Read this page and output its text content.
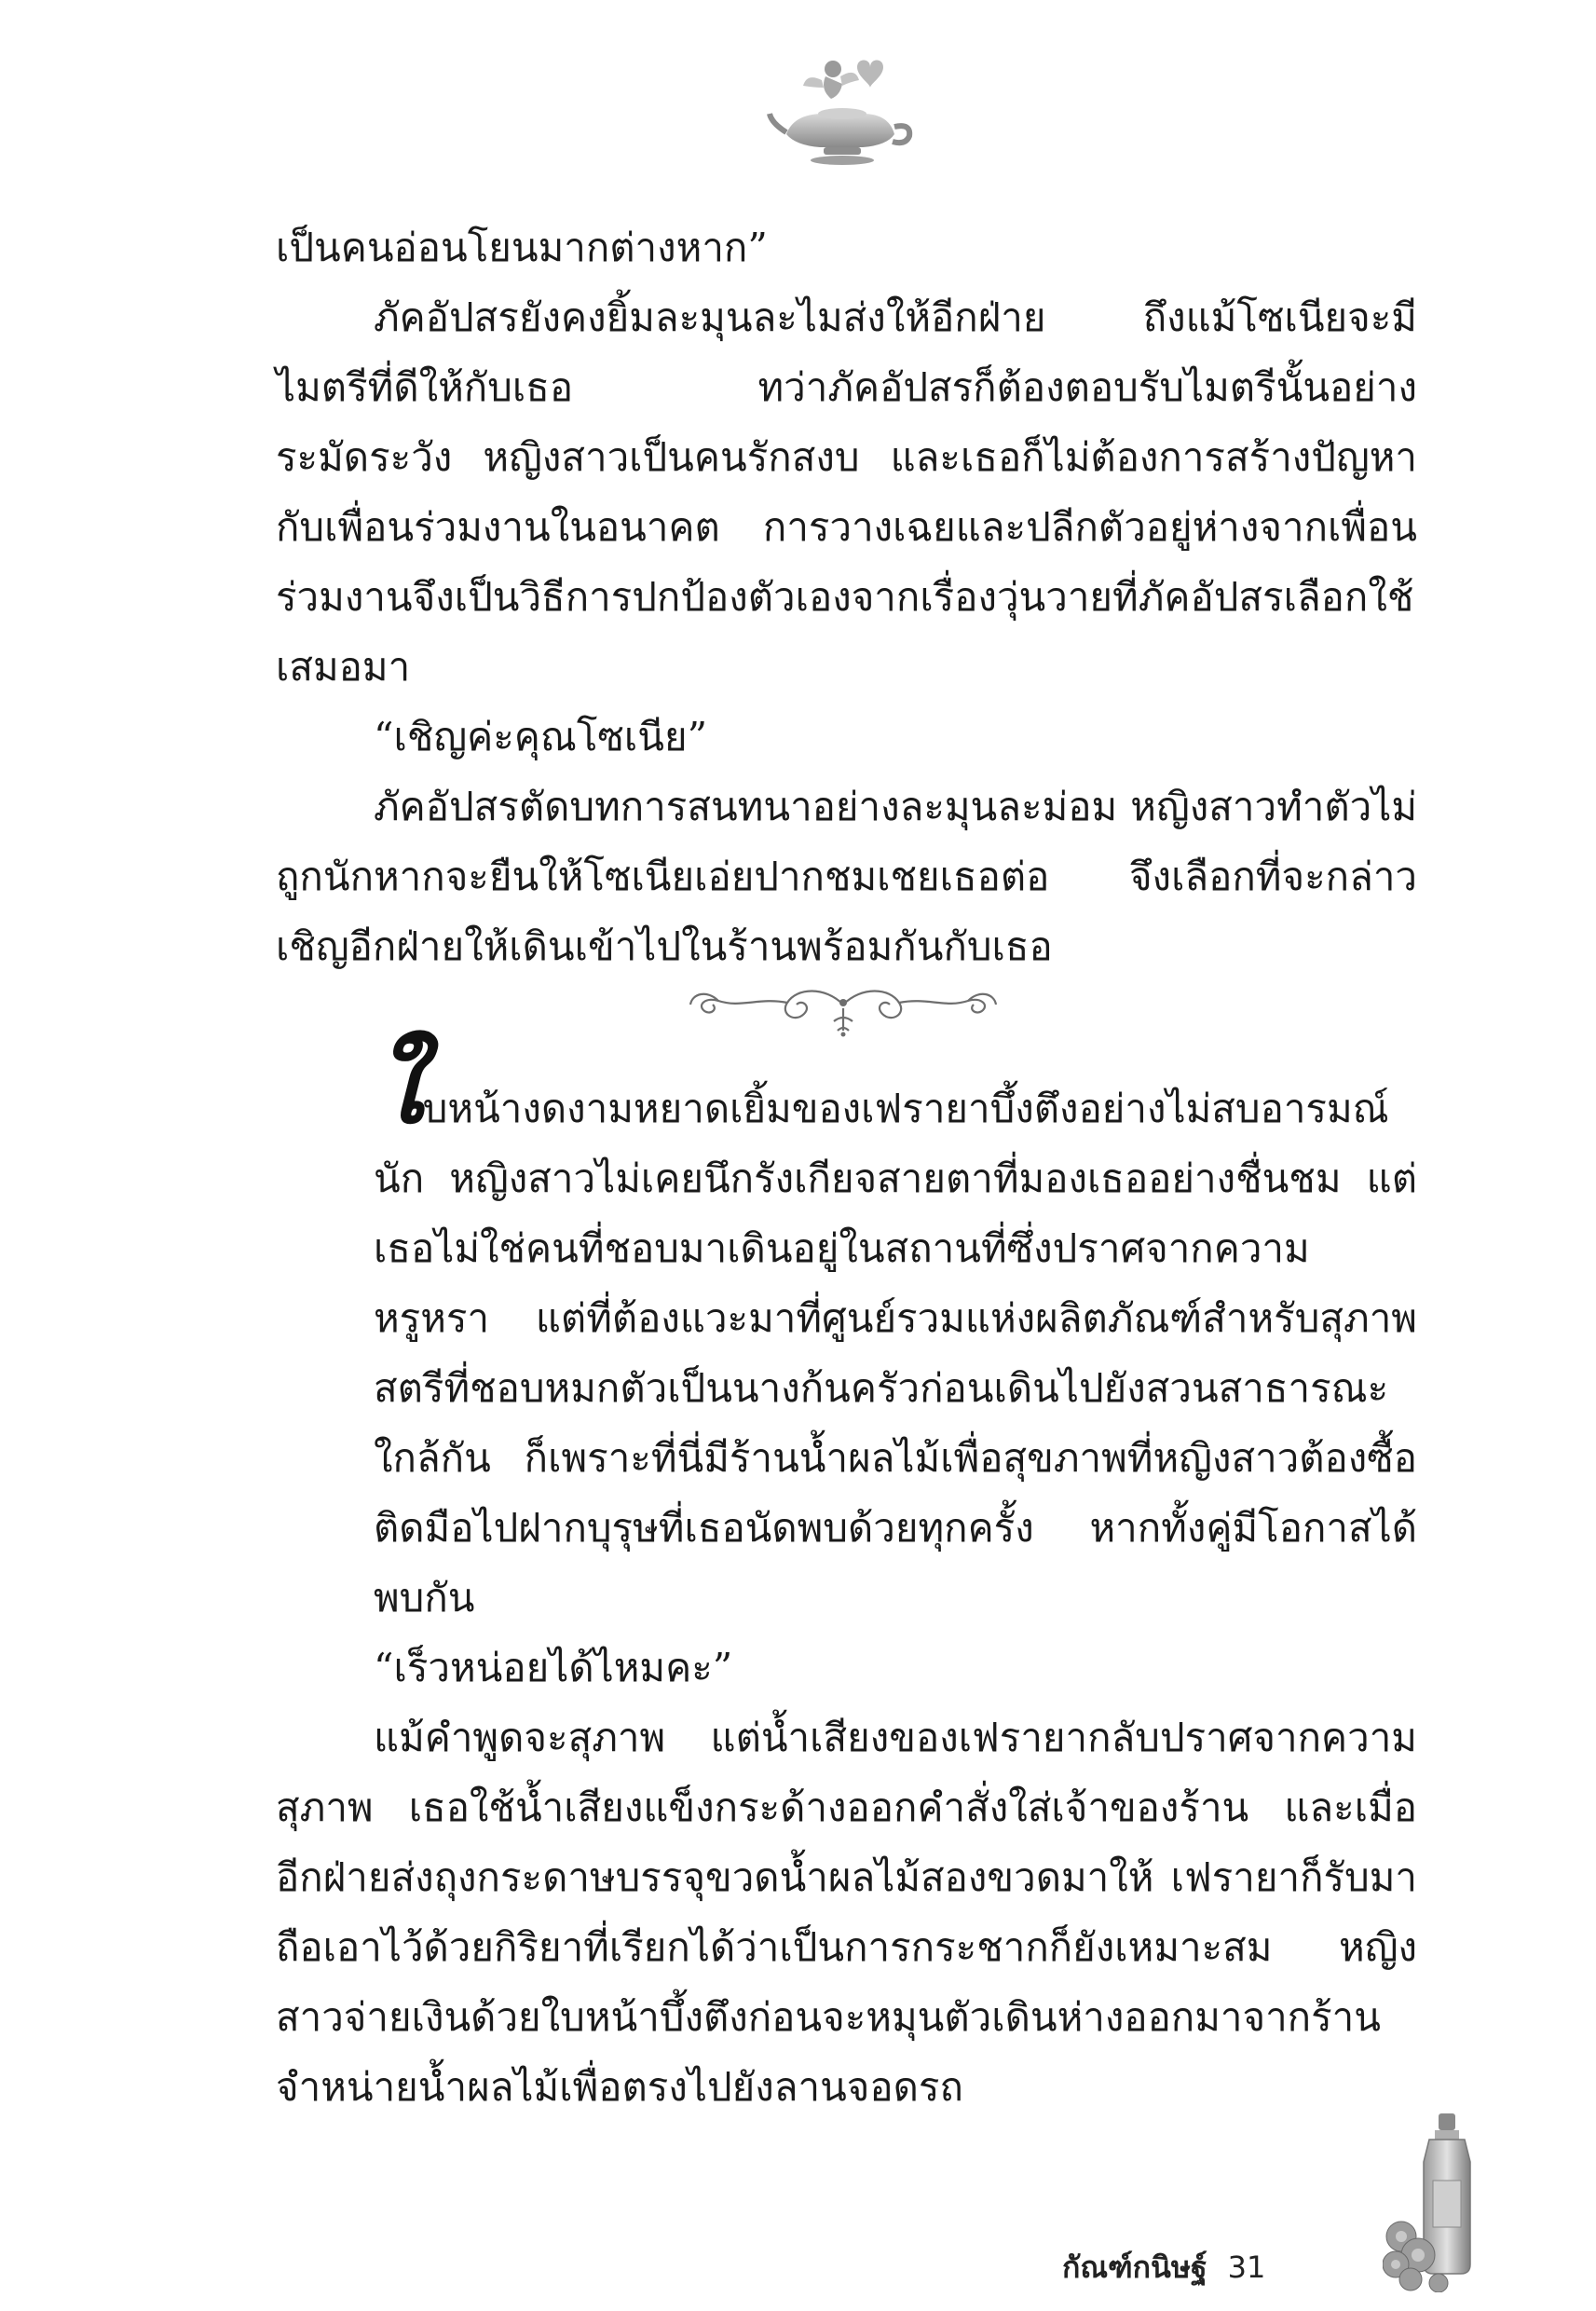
เป็นคนอ่อนโยนมากต่างหาก”

ภัคอัปสรยังคงยิ้มละมุนละไมส่งให้อีกฝ่าย ถึงแม้โซเนียจะมีไมตรีที่ดีให้กับเธอ ทว่าภัคอัปสรก็ต้องตอบรับไมตรีนั้นอย่างระมัดระวัง หญิงสาวเป็นคนรักสงบ และเธอก็ไม่ต้องการสร้างปัญหากับเพื่อนร่วมงานในอนาคต การวางเฉยและปลีกตัวอยู่ห่างจากเพื่อนร่วมงานจึงเป็นวิธีการปกป้องตัวเองจากเรื่องวุ่นวายที่ภัคอัปสรเลือกใช้เสมอมา

“เชิญค่ะคุณโซเนีย”

ภัคอัปสรตัดบทการสนทนาอย่างละมุนละม่อม หญิงสาวทำตัวไม่ถูกนักหากจะยืนให้โซเนียเอ่ยปากชมเชยเธอต่อ จึงเลือกที่จะกล่าวเชิญอีกฝ่ายให้เดินเข้าไปในร้านพร้อมกันกับเธอ

ใบหน้างดงามหยาดเยิ้มของเฟรายาบึ้งตึงอย่างไม่สบอารมณ์นัก หญิงสาวไม่เคยนึกรังเกียจสายตาที่มองเธออย่างชื่นชม แต่เธอไม่ใช่คนที่ชอบมาเดินอยู่ในสถานที่ซึ่งปราศจากความหรูหรา แต่ที่ต้องแวะมาที่ศูนย์รวมแห่งผลิตภัณฑ์สำหรับสุภาพสตรีที่ชอบหมกตัวเป็นนางก้นครัวก่อนเดินไปยังสวนสาธารณะใกล้กัน ก็เพราะที่นี่มีร้านน้ำผลไม้เพื่อสุขภาพที่หญิงสาวต้องซื้อติดมือไปฝากบุรุษที่เธอนัดพบด้วยทุกครั้ง หากทั้งคู่มีโอกาสได้พบกัน

“เร็วหน่อยได้ไหมคะ”

แม้คำพูดจะสุภาพ แต่น้ำเสียงของเฟรายากลับปราศจากความสุภาพ เธอใช้น้ำเสียงแข็งกระด้างออกคำสั่งใส่เจ้าของร้าน และเมื่ออีกฝ่ายส่งถุงกระดาษบรรจุขวดน้ำผลไม้สองขวดมาให้ เฟรายาก็รับมาถือเอาไว้ด้วยกิริยาที่เรียกได้ว่าเป็นการกระชากก็ยังเหมาะสม หญิงสาวจ่ายเงินด้วยใบหน้าบึ้งตึงก่อนจะหมุนตัวเดินห่างออกมาจากร้านจำหน่ายน้ำผลไม้เพื่อตรงไปยังลานจอดรถ

กัณฑ์กนิษฐ์ 31
